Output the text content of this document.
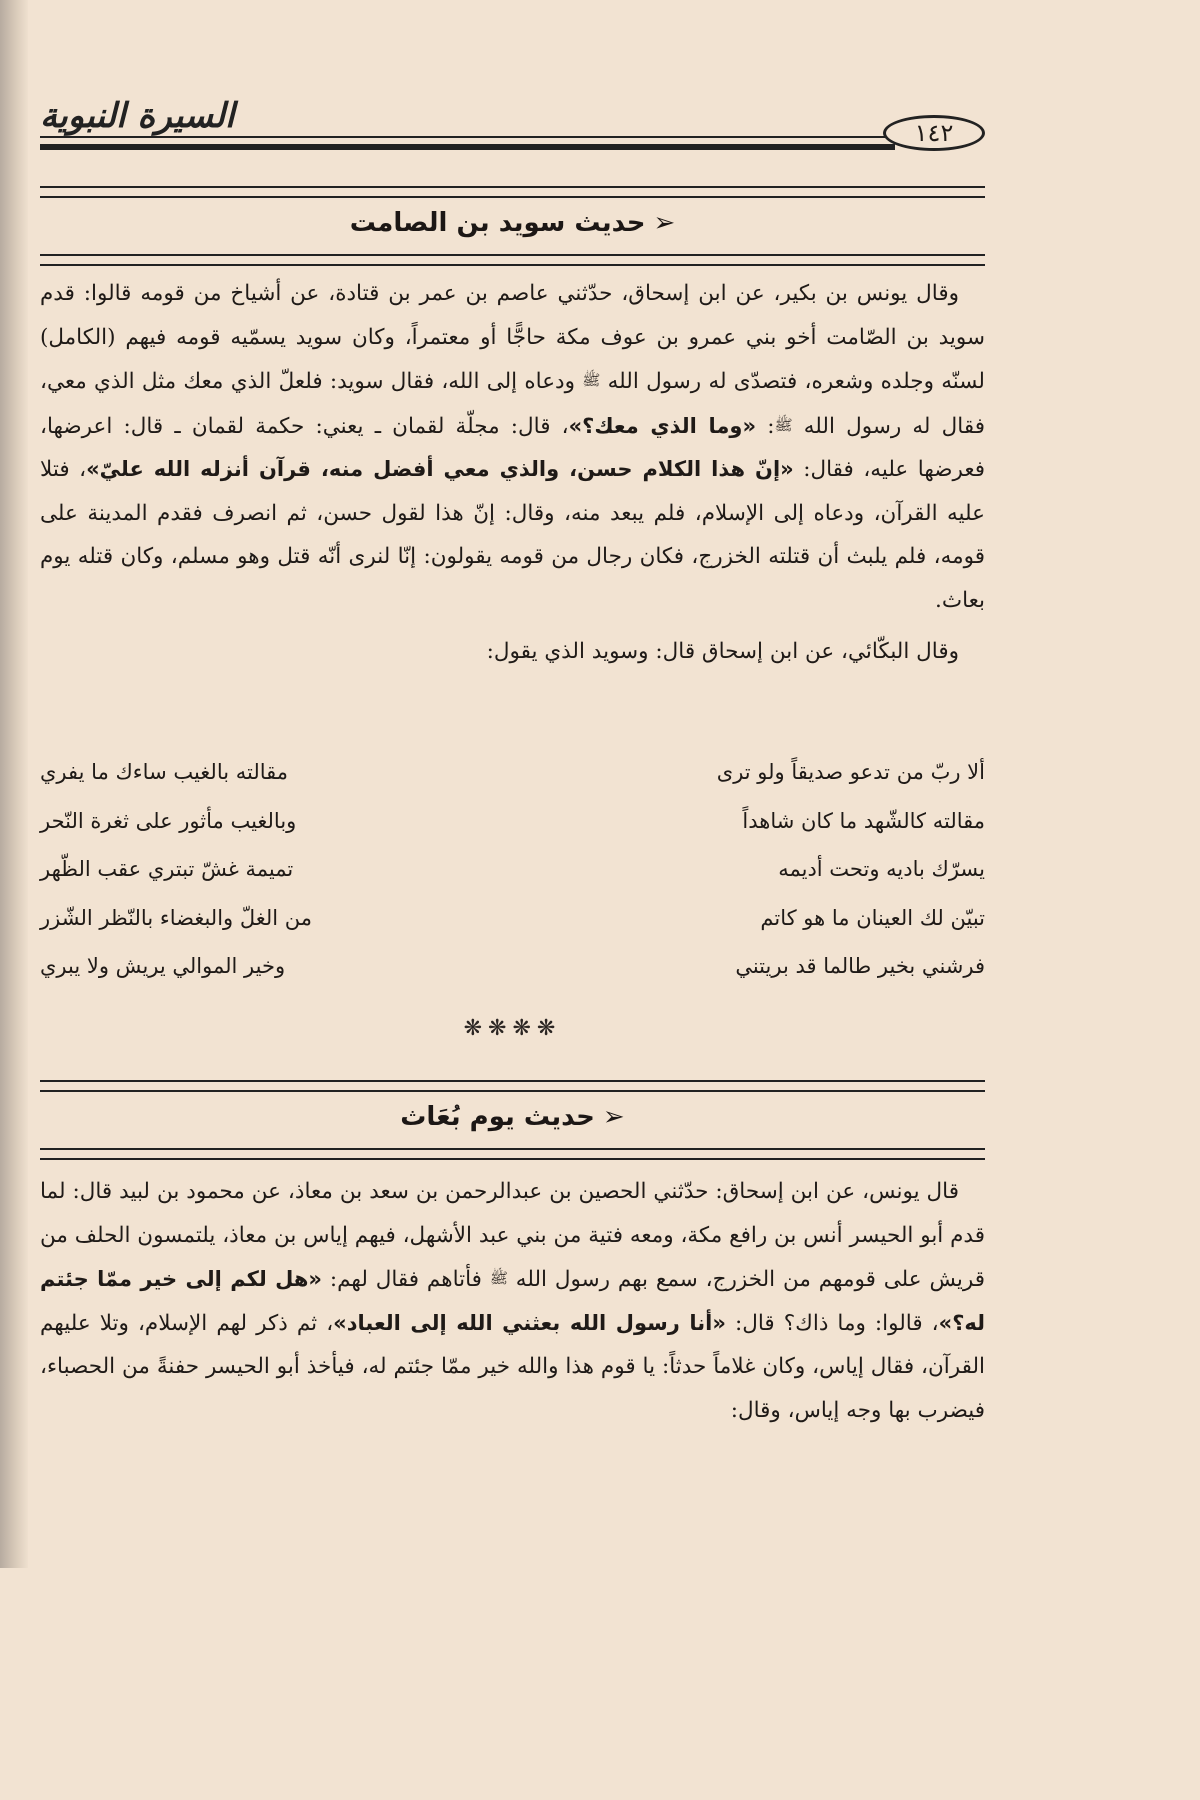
السيرة النبوية	١٤٢
➢حديث سويد بن الصامت

وقال يونس بن بكير، عن ابن إسحاق، حدّثني عاصم بن عمر بن قتادة، عن أشياخ من قومه قالوا: قدم سويد بن الصّامت أخو بني عمرو بن عوف مكة حاجًّا أو معتمراً، وكان سويد يسمّيه قومه فيهم (الكامل) لسنّه وجلده وشعره، فتصدّى له رسول الله ﷺ ودعاه إلى الله، فقال سويد: فلعلّ الذي معك مثل الذي معي، فقال له رسول الله ﷺ: «وما الذي معك؟»، قال: مجلّة لقمان ـ يعني: حكمة لقمان ـ قال: اعرضها، فعرضها عليه، فقال: «إنّ هذا الكلام حسن، والذي معي أفضل منه، قرآن أنزله الله عليّ»، فتلا عليه القرآن، ودعاه إلى الإسلام، فلم يبعد منه، وقال: إنّ هذا لقول حسن، ثم انصرف فقدم المدينة على قومه، فلم يلبث أن قتلته الخزرج، فكان رجال من قومه يقولون: إنّا لنرى أنّه قتل وهو مسلم، وكان قتله يوم بعاث.

وقال البكّائي، عن ابن إسحاق قال: وسويد الذي يقول:

ألا ربّ من تدعو صديقاً ولو ترى
مقالته بالغيب ساءك ما يفري
مقالته كالشّهد ما كان شاهداً
وبالغيب مأثور على ثغرة النّحر
يسرّك باديه وتحت أديمه
تميمة غشّ تبتري عقب الظّهر
تبيّن لك العينان ما هو كاتم
من الغلّ والبغضاء بالنّظر الشّزر
فرشني بخير طالما قد بريتني
وخير الموالي يريش ولا يبري
❋❋❋❋
➢حديث يوم بُعَاث

قال يونس، عن ابن إسحاق: حدّثني الحصين بن عبدالرحمن بن سعد بن معاذ، عن محمود بن لبيد قال: لما قدم أبو الحيسر أنس بن رافع مكة، ومعه فتية من بني عبد الأشهل، فيهم إياس بن معاذ، يلتمسون الحلف من قريش على قومهم من الخزرج، سمع بهم رسول الله ﷺ فأتاهم فقال لهم: «هل لكم إلى خير ممّا جئتم له؟»، قالوا: وما ذاك؟ قال: «أنا رسول الله بعثني الله إلى العباد»، ثم ذكر لهم الإسلام، وتلا عليهم القرآن، فقال إياس، وكان غلاماً حدثاً: يا قوم هذا والله خير ممّا جئتم له، فيأخذ أبو الحيسر حفنةً من الحصباء، فيضرب بها وجه إياس، وقال:
